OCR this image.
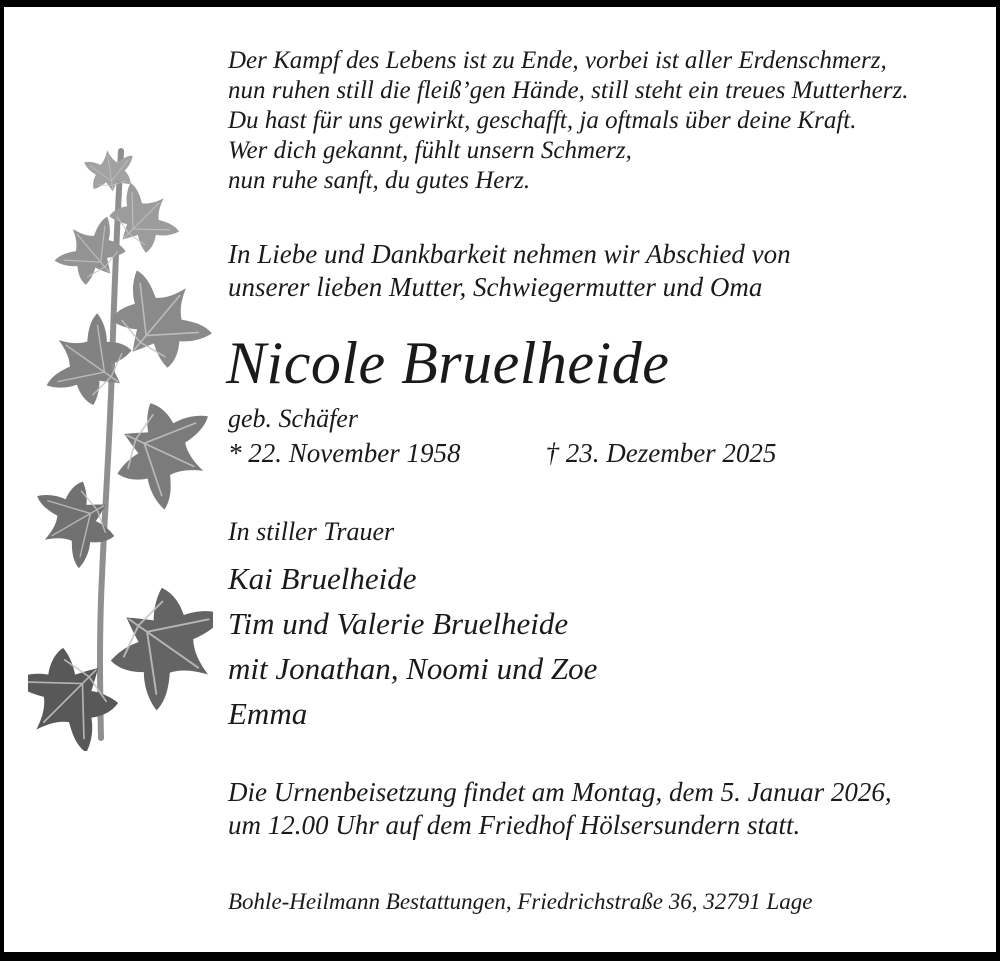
Der Kampf des Lebens ist zu Ende, vorbei ist aller Erdenschmerz,
nun ruhen still die fleiß’gen Hände, still steht ein treues Mutterherz.
Du hast für uns gewirkt, geschafft, ja oftmals über deine Kraft.
Wer dich gekannt, fühlt unsern Schmerz,
nun ruhe sanft, du gutes Herz.
In Liebe und Dankbarkeit nehmen wir Abschied von
unserer lieben Mutter, Schwiegermutter und Oma
Nicole Bruelheide
geb. Schäfer
* 22. November 1958	† 23. Dezember 2025
In stiller Trauer
Kai Bruelheide
Tim und Valerie Bruelheide
mit Jonathan, Noomi und Zoe
Emma
Die Urnenbeisetzung findet am Montag, dem 5. Januar 2026,
um 12.00 Uhr auf dem Friedhof Hölsersundern statt.
Bohle-Heilmann Bestattungen, Friedrichstraße 36, 32791 Lage
